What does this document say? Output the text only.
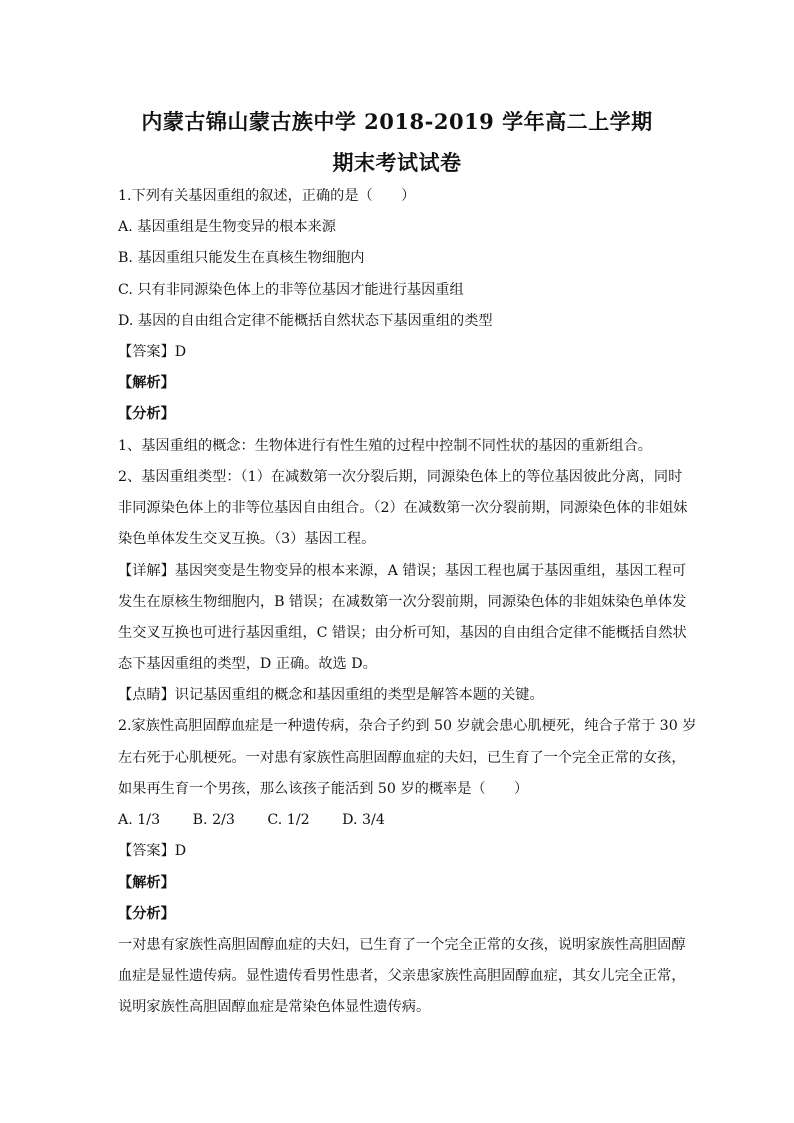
内蒙古锦山蒙古族中学 2018-2019 学年高二上学期
期末考试试卷
1.下列有关基因重组的叙述，正确的是（　　）
A. 基因重组是生物变异的根本来源
B. 基因重组只能发生在真核生物细胞内
C. 只有非同源染色体上的非等位基因才能进行基因重组
D. 基因的自由组合定律不能概括自然状态下基因重组的类型
【答案】D
【解析】
【分析】
1、基因重组的概念：生物体进行有性生殖的过程中控制不同性状的基因的重新组合。
2、基因重组类型：（1）在减数第一次分裂后期，同源染色体上的等位基因彼此分离，同时
非同源染色体上的非等位基因自由组合。（2）在减数第一次分裂前期，同源染色体的非姐妹
染色单体发生交叉互换。（3）基因工程。
【详解】基因突变是生物变异的根本来源，A 错误；基因工程也属于基因重组，基因工程可
发生在原核生物细胞内，B 错误；在减数第一次分裂前期，同源染色体的非姐妹染色单体发
生交叉互换也可进行基因重组，C 错误；由分析可知，基因的自由组合定律不能概括自然状
态下基因重组的类型，D 正确。故选 D。
【点睛】识记基因重组的概念和基因重组的类型是解答本题的关键。
2.家族性高胆固醇血症是一种遗传病，杂合子约到 50 岁就会患心肌梗死，纯合子常于 30 岁
左右死于心肌梗死。一对患有家族性高胆固醇血症的夫妇，已生育了一个完全正常的女孩，
如果再生育一个男孩，那么该孩子能活到 50 岁的概率是（　　）
A. 1/3 B. 2/3 C. 1/2 D. 3/4
【答案】D
【解析】
【分析】
一对患有家族性高胆固醇血症的夫妇，已生育了一个完全正常的女孩，说明家族性高胆固醇
血症是显性遗传病。显性遗传看男性患者，父亲患家族性高胆固醇血症，其女儿完全正常，
说明家族性高胆固醇血症是常染色体显性遗传病。
